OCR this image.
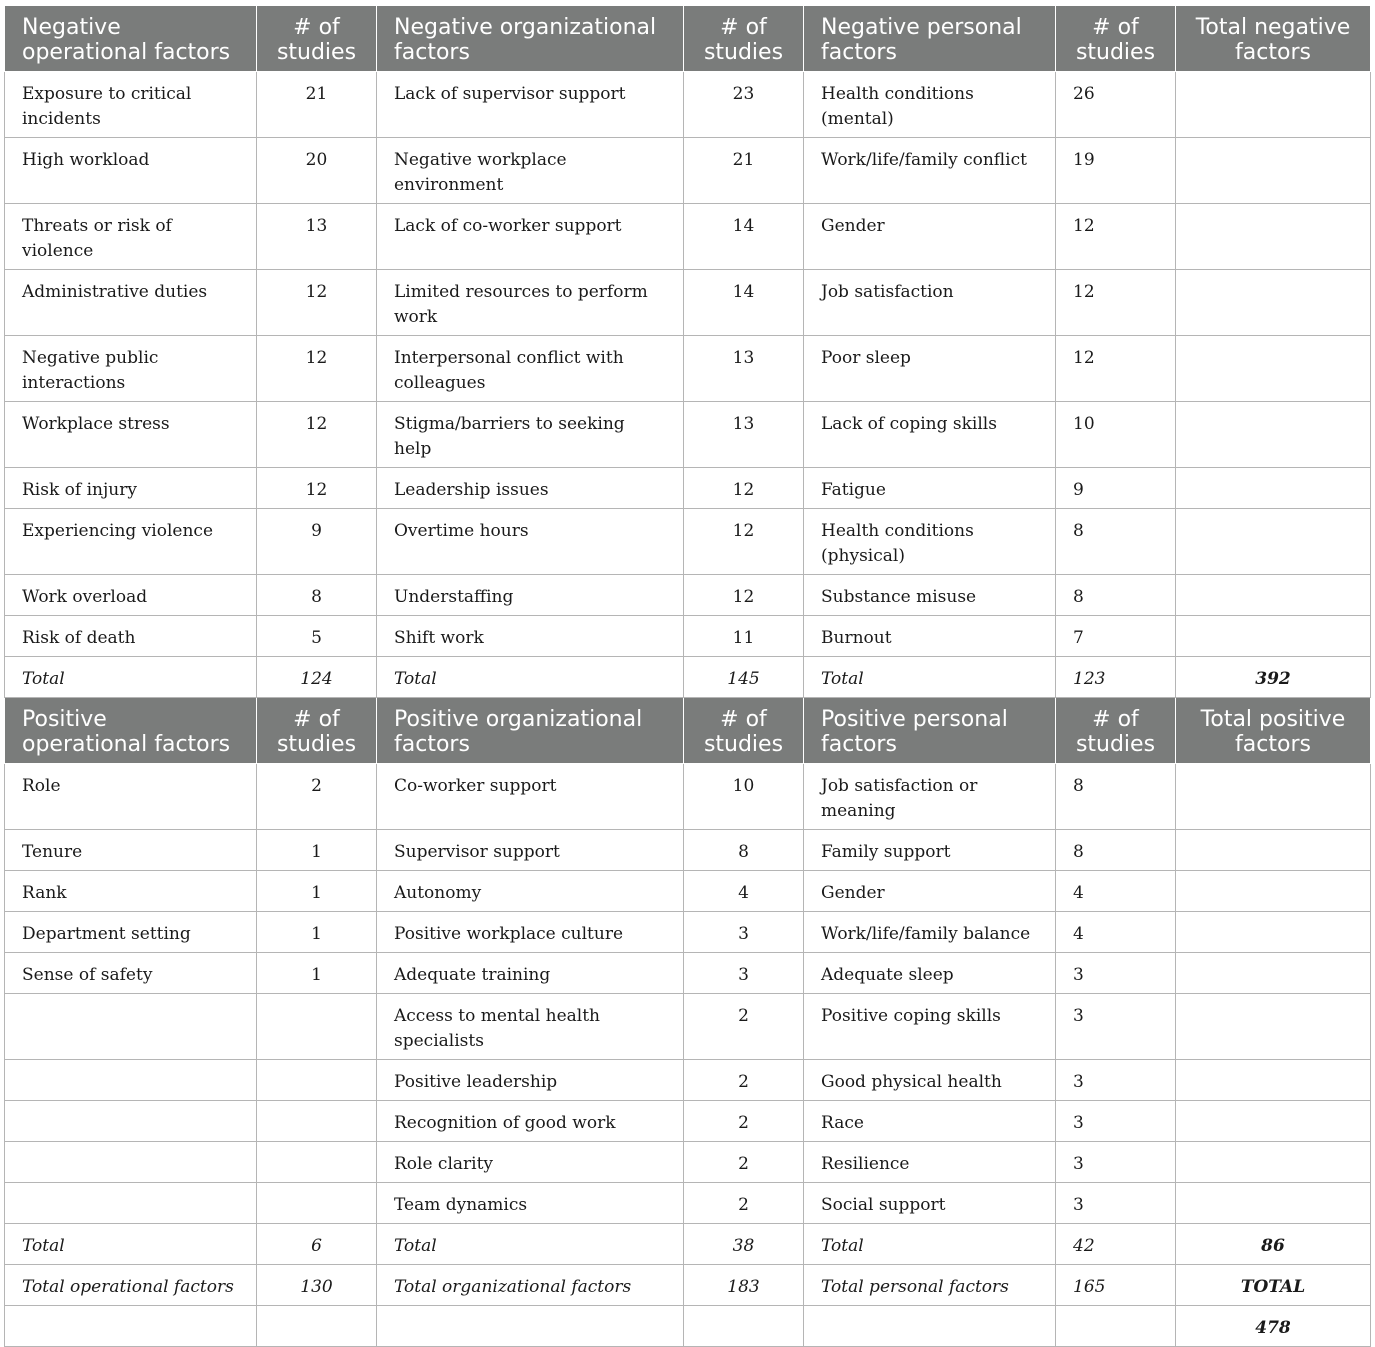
Negative operational factors	# of studies	Negative organizational factors	# of studies	Negative personal factors	# of studies	Total negative factors
Exposure to critical incidents	21	Lack of supervisor support	23	Health conditions (mental)	26	
High workload	20	Negative workplace environment	21	Work/life/family conflict	19	
Threats or risk of violence	13	Lack of co-worker support	14	Gender	12	
Administrative duties	12	Limited resources to perform work	14	Job satisfaction	12	
Negative public interactions	12	Interpersonal conflict with colleagues	13	Poor sleep	12	
Workplace stress	12	Stigma/barriers to seeking help	13	Lack of coping skills	10	
Risk of injury	12	Leadership issues	12	Fatigue	9	
Experiencing violence	9	Overtime hours	12	Health conditions (physical)	8	
Work overload	8	Understaffing	12	Substance misuse	8	
Risk of death	5	Shift work	11	Burnout	7	
Total	124	Total	145	Total	123	392
Positive operational factors	# of studies	Positive organizational factors	# of studies	Positive personal factors	# of studies	Total positive factors
Role	2	Co-worker support	10	Job satisfaction or meaning	8	
Tenure	1	Supervisor support	8	Family support	8	
Rank	1	Autonomy	4	Gender	4	
Department setting	1	Positive workplace culture	3	Work/life/family balance	4	
Sense of safety	1	Adequate training	3	Adequate sleep	3	
		Access to mental health specialists	2	Positive coping skills	3	
		Positive leadership	2	Good physical health	3	
		Recognition of good work	2	Race	3	
		Role clarity	2	Resilience	3	
		Team dynamics	2	Social support	3	
Total	6	Total	38	Total	42	86
Total operational factors	130	Total organizational factors	183	Total personal factors	165	TOTAL
						478
